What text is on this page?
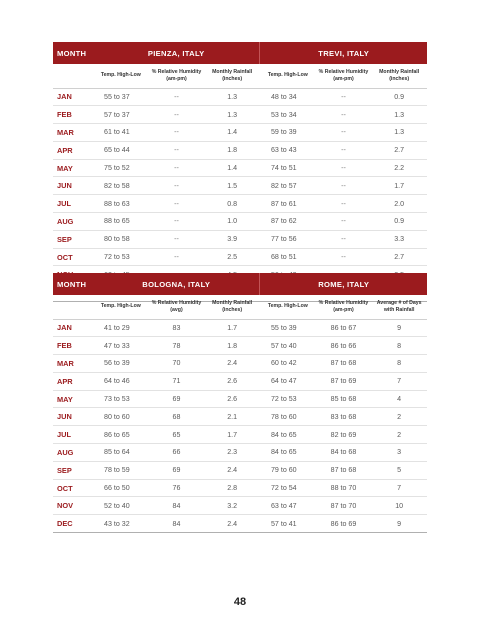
MONTH	PIENZA, ITALY			TREVI, ITALY		
	Temp. High-Low	% Relative Humidity (am-pm)	Monthly Rainfall (inches)	Temp. High-Low	% Relative Humidity (am-pm)	Monthly Rainfall (inches)
JAN	55 to 37	--	1.3	48 to 34	--	0.9
FEB	57 to 37	--	1.3	53 to 34	--	1.3
MAR	61 to 41	--	1.4	59 to 39	--	1.3
APR	65 to 44	--	1.8	63 to 43	--	2.7
MAY	75 to 52	--	1.4	74 to 51	--	2.2
JUN	82 to 58	--	1.5	82 to 57	--	1.7
JUL	88 to 63	--	0.8	87 to 61	--	2.0
AUG	88 to 65	--	1.0	87 to 62	--	0.9
SEP	80 to 58	--	3.9	77 to 56	--	3.3
OCT	72 to 53	--	2.5	68 to 51	--	2.7
NOV	62 to 45	--	4.5	56 to 43	--	2.5
DEC	55 to 39	--	3.2	49 to 37	--	2.8
MONTH	BOLOGNA, ITALY			ROME, ITALY		
	Temp. High-Low	% Relative Humidity (avg)	Monthly Rainfall (inches)	Temp. High-Low	% Relative Humidity (am-pm)	Average # of Days with Rainfall
JAN	41 to 29	83	1.7	55 to 39	86 to 67	9
FEB	47 to 33	78	1.8	57 to 40	86 to 66	8
MAR	56 to 39	70	2.4	60 to 42	87 to 68	8
APR	64 to 46	71	2.6	64 to 47	87 to 69	7
MAY	73 to 53	69	2.6	72 to 53	85 to 68	4
JUN	80 to 60	68	2.1	78 to 60	83 to 68	2
JUL	86 to 65	65	1.7	84 to 65	82 to 69	2
AUG	85 to 64	66	2.3	84 to 65	84 to 68	3
SEP	78 to 59	69	2.4	79 to 60	87 to 68	5
OCT	66 to 50	76	2.8	72 to 54	88 to 70	7
NOV	52 to 40	84	3.2	63 to 47	87 to 70	10
DEC	43 to 32	84	2.4	57 to 41	86 to 69	9
48
